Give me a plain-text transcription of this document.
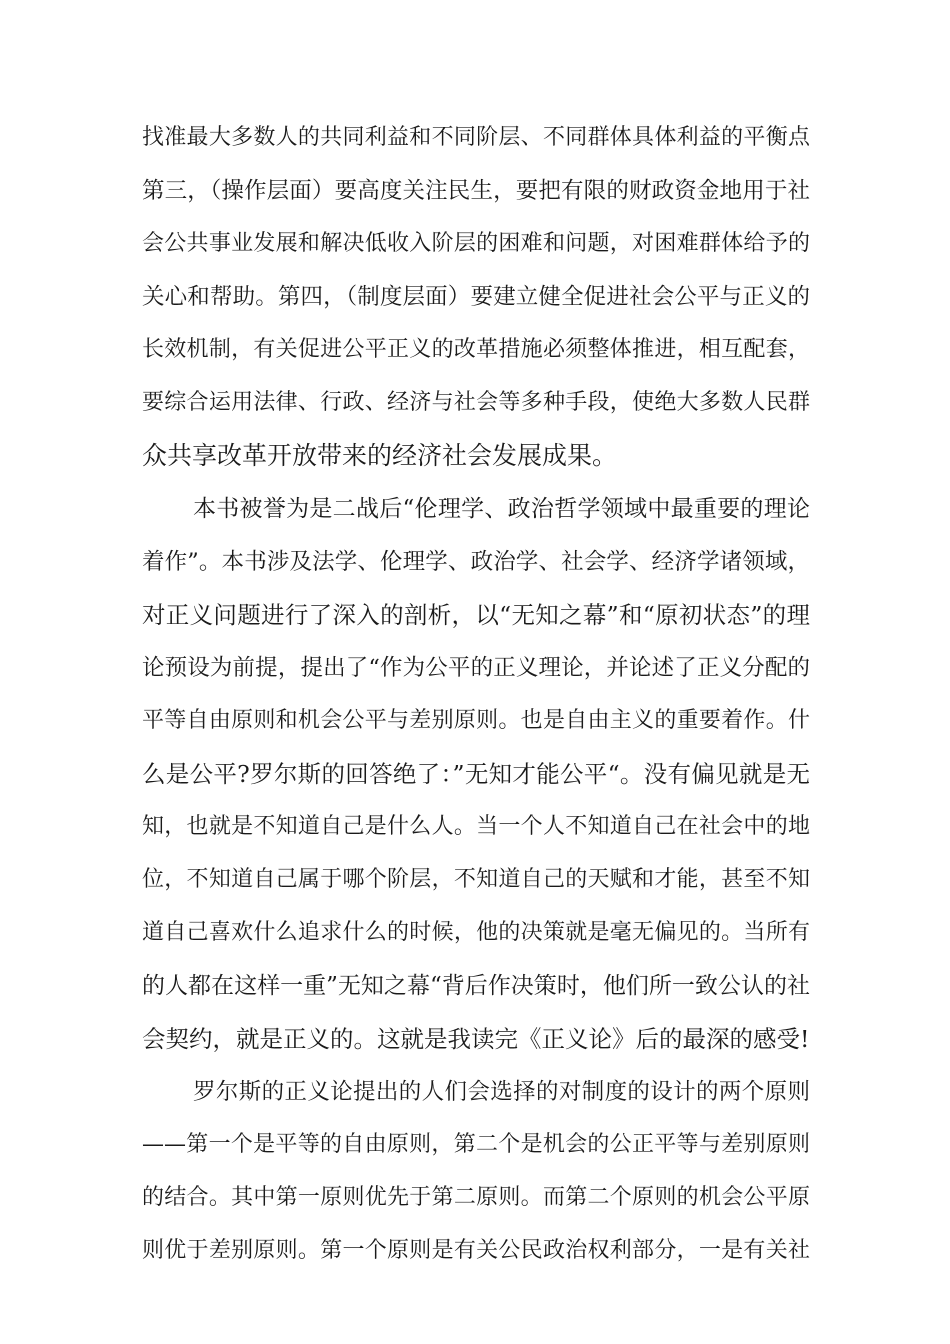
找准最大多数人的共同利益和不同阶层、不同群体具体利益的平衡点
第三，（操作层面）要高度关注民生，要把有限的财政资金地用于社
会公共事业发展和解决低收入阶层的困难和问题，对困难群体给予的
关心和帮助。第四，（制度层面）要建立健全促进社会公平与正义的
长效机制，有关促进公平正义的改革措施必须整体推进，相互配套，
要综合运用法律、行政、经济与社会等多种手段，使绝大多数人民群
众共享改革开放带来的经济社会发展成果。
本书被誉为是二战后“伦理学、政治哲学领域中最重要的理论
着作”。本书涉及法学、伦理学、政治学、社会学、经济学诸领域，
对正义问题进行了深入的剖析，以“无知之幕”和“原初状态”的理
论预设为前提，提出了“作为公平的正义理论，并论述了正义分配的
平等自由原则和机会公平与差别原则。也是自由主义的重要着作。什
么是公平?罗尔斯的回答绝了：”无知才能公平“。没有偏见就是无
知，也就是不知道自己是什么人。当一个人不知道自己在社会中的地
位，不知道自己属于哪个阶层，不知道自己的天赋和才能，甚至不知
道自己喜欢什么追求什么的时候，他的决策就是毫无偏见的。当所有
的人都在这样一重”无知之幕“背后作决策时，他们所一致公认的社
会契约，就是正义的。这就是我读完《正义论》后的最深的感受!
罗尔斯的正义论提出的人们会选择的对制度的设计的两个原则
——第一个是平等的自由原则，第二个是机会的公正平等与差别原则
的结合。其中第一原则优先于第二原则。而第二个原则的机会公平原
则优于差别原则。第一个原则是有关公民政治权利部分，一是有关社
